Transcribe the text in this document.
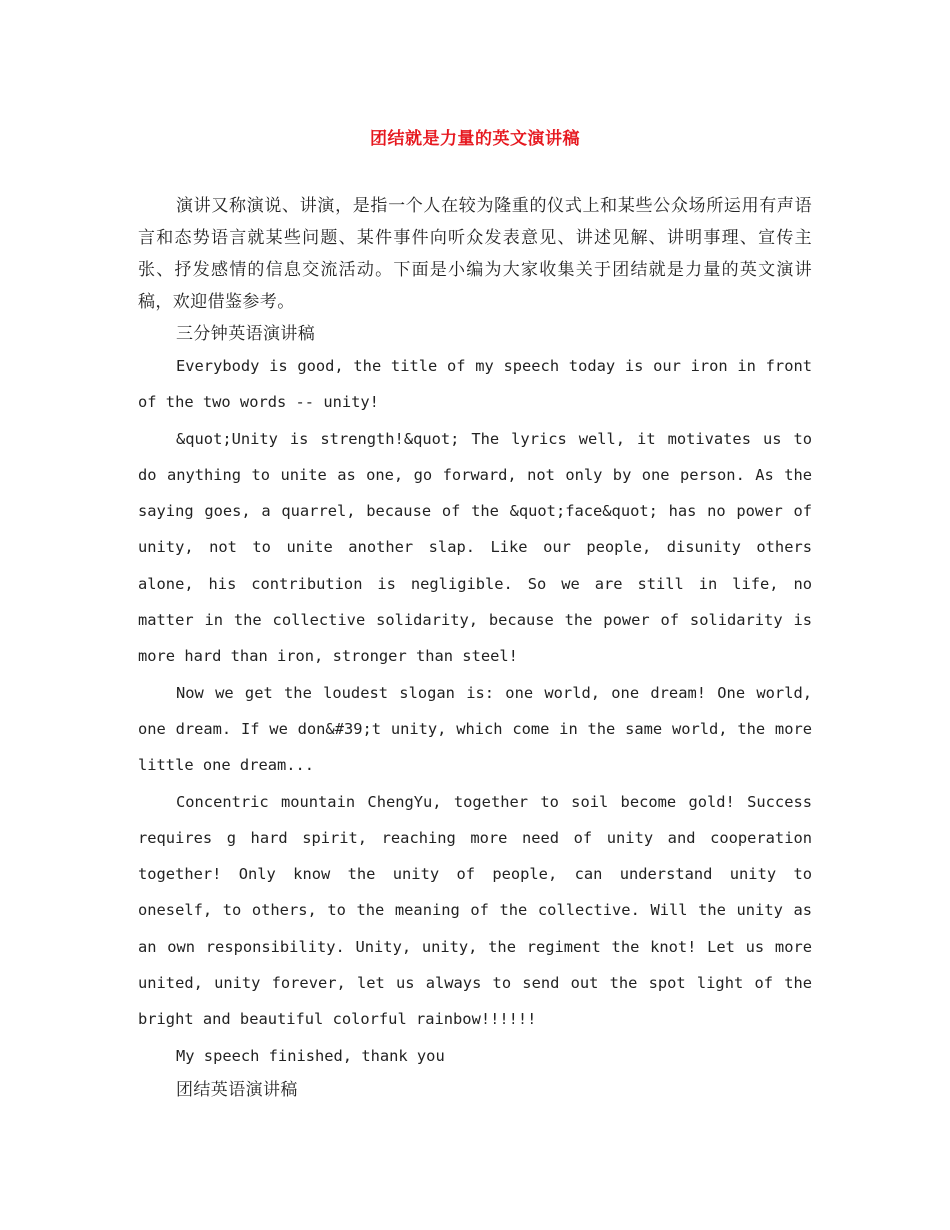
团结就是力量的英文演讲稿

演讲又称演说、讲演，是指一个人在较为隆重的仪式上和某些公众场所运用有声语言和态势语言就某些问题、某件事件向听众发表意见、讲述见解、讲明事理、宣传主张、抒发感情的信息交流活动。下面是小编为大家收集关于团结就是力量的英文演讲稿，欢迎借鉴参考。

三分钟英语演讲稿

Everybody is good, the title of my speech today is our iron in front of the two words -- unity!

&quot;Unity is strength!&quot; The lyrics well, it motivates us to do anything to unite as one, go forward, not only by one person. As the saying goes, a quarrel, because of the &quot;face&quot; has no power of unity, not to unite another slap. Like our people, disunity others alone, his contribution is negligible. So we are still in life, no matter in the collective solidarity, because the power of solidarity is more hard than iron, stronger than steel!

Now we get the loudest slogan is: one world, one dream! One world, one dream. If we don&#39;t unity, which come in the same world, the more little one dream...

Concentric mountain ChengYu, together to soil become gold! Success requires g hard spirit, reaching more need of unity and cooperation together! Only know the unity of people, can understand unity to oneself, to others, to the meaning of the collective. Will the unity as an own responsibility. Unity, unity, the regiment the knot! Let us more united, unity forever, let us always to send out the spot light of the bright and beautiful colorful rainbow!!!!!!

My speech finished, thank you

团结英语演讲稿
